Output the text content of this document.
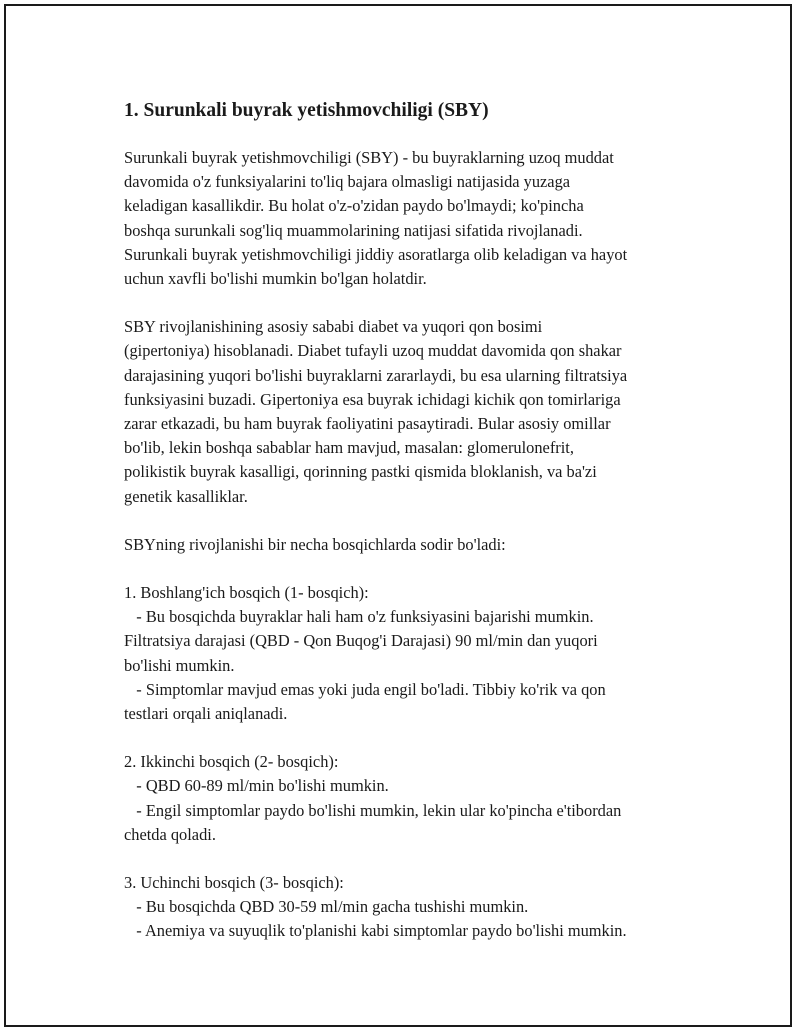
1. Surunkali buyrak yetishmovchiligi (SBY)

Surunkali buyrak yetishmovchiligi (SBY) - bu buyraklarning uzoq muddat
davomida o'z funksiyalarini to'liq bajara olmasligi natijasida yuzaga
keladigan kasallikdir. Bu holat o'z-o'zidan paydo bo'lmaydi; ko'pincha
boshqa surunkali sog'liq muammolarining natijasi sifatida rivojlanadi.
Surunkali buyrak yetishmovchiligi jiddiy asoratlarga olib keladigan va hayot
uchun xavfli bo'lishi mumkin bo'lgan holatdir.

SBY rivojlanishining asosiy sababi diabet va yuqori qon bosimi
(gipertoniya) hisoblanadi. Diabet tufayli uzoq muddat davomida qon shakar
darajasining yuqori bo'lishi buyraklarni zararlaydi, bu esa ularning filtratsiya
funksiyasini buzadi. Gipertoniya esa buyrak ichidagi kichik qon tomirlariga
zarar etkazadi, bu ham buyrak faoliyatini pasaytiradi. Bular asosiy omillar
bo'lib, lekin boshqa sabablar ham mavjud, masalan: glomerulonefrit,
polikistik buyrak kasalligi, qorinning pastki qismida bloklanish, va ba'zi
genetik kasalliklar.

SBYning rivojlanishi bir necha bosqichlarda sodir bo'ladi:

1. Boshlang'ich bosqich (1- bosqich):
- Bu bosqichda buyraklar hali ham o'z funksiyasini bajarishi mumkin.
Filtratsiya darajasi (QBD - Qon Buqog'i Darajasi) 90 ml/min dan yuqori
bo'lishi mumkin.
- Simptomlar mavjud emas yoki juda engil bo'ladi. Tibbiy ko'rik va qon
testlari orqali aniqlanadi.

2. Ikkinchi bosqich (2- bosqich):
- QBD 60-89 ml/min bo'lishi mumkin.
- Engil simptomlar paydo bo'lishi mumkin, lekin ular ko'pincha e'tibordan
chetda qoladi.

3. Uchinchi bosqich (3- bosqich):
- Bu bosqichda QBD 30-59 ml/min gacha tushishi mumkin.
- Anemiya va suyuqlik to'planishi kabi simptomlar paydo bo'lishi mumkin.
